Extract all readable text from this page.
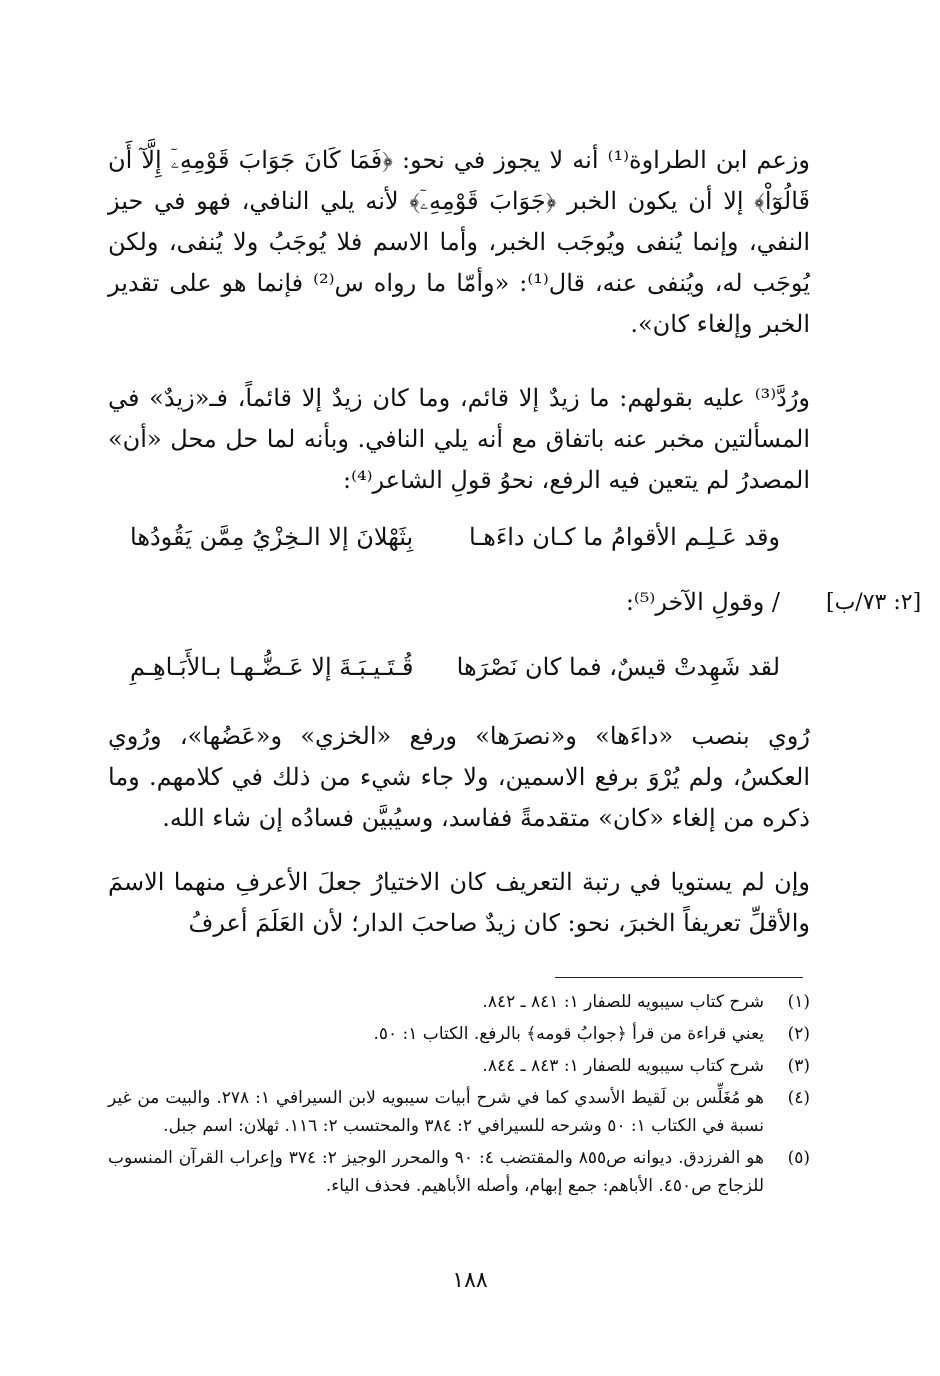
وزعم ابن الطراوة⁽¹⁾ أنه لا يجوز في نحو: ﴿فَمَا كَانَ جَوَابَ قَوْمِهِۦٓ إِلَّآ أَن قَالُوٓاْ﴾ إلا أن يكون الخبر ﴿جَوَابَ قَوْمِهِۦٓ﴾ لأنه يلي النافي، فهو في حيز النفي، وإنما يُنفى ويُوجَب الخبر، وأما الاسم فلا يُوجَبُ ولا يُنفى، ولكن يُوجَب له، ويُنفى عنه، قال⁽¹⁾: «وأمّا ما رواه س⁽²⁾ فإنما هو على تقدير الخبر وإلغاء كان».
ورُدَّ⁽³⁾ عليه بقولهم: ما زيدٌ إلا قائم، وما كان زيدٌ إلا قائماً، فـ«زيدٌ» في المسألتين مخبر عنه باتفاق مع أنه يلي النافي. وبأنه لما حل محل «أن» المصدرُ لم يتعين فيه الرفع، نحوُ قولِ الشاعر⁽⁴⁾:
وقد عَـلِـم الأقوامُ ما كـان داءَهـا
بِثَهْلانَ إلا الـخِزْيُ مِمَّن يَقُودُها
/ وقولِ الآخر⁽⁵⁾: [٢: ٧٣/ب]
لقد شَهِدتْ قيسٌ، فما كان نَصْرَها
قُـتَـيـبَـةَ إلا عَـضُّـهـا بـالأَبَـاهِـمِ
رُوي بنصب «داءَها» و«نصرَها» ورفع «الخزي» و«عَضُها»، ورُوي العكسُ، ولم يُرْوَ برفع الاسمين، ولا جاء شيء من ذلك في كلامهم. وما ذكره من إلغاء «كان» متقدمةً ففاسد، وسيُبيَّن فسادُه إن شاء الله.
وإن لم يستويا في رتبة التعريف كان الاختيارُ جعلَ الأعرفِ منهما الاسمَ والأقلِّ تعريفاً الخبرَ، نحو: كان زيدٌ صاحبَ الدار؛ لأن العَلَمَ أعرفُ
(١)
شرح كتاب سيبويه للصفار ١: ٨٤١ ـ ٨٤٢.
(٢)
يعني قراءة من قرأ ﴿جوابُ قومه﴾ بالرفع. الكتاب ١: ٥٠.
(٣)
شرح كتاب سيبويه للصفار ١: ٨٤٣ ـ ٨٤٤.
(٤)
هو مُغَلِّس بن لَقيط الأسدي كما في شرح أبيات سيبويه لابن السيرافي ١: ٢٧٨. والبيت من غير نسبة في الكتاب ١: ٥٠ وشرحه للسيرافي ٢: ٣٨٤ والمحتسب ٢: ١١٦. ثهلان: اسم جبل.
(٥)
هو الفرزدق. ديوانه ص٨٥٥ والمقتضب ٤: ٩٠ والمحرر الوجيز ٢: ٣٧٤ وإعراب القرآن المنسوب للزجاج ص٤٥٠. الأباهم: جمع إبهام، وأصله الأباهيم. فحذف الياء.
١٨٨
